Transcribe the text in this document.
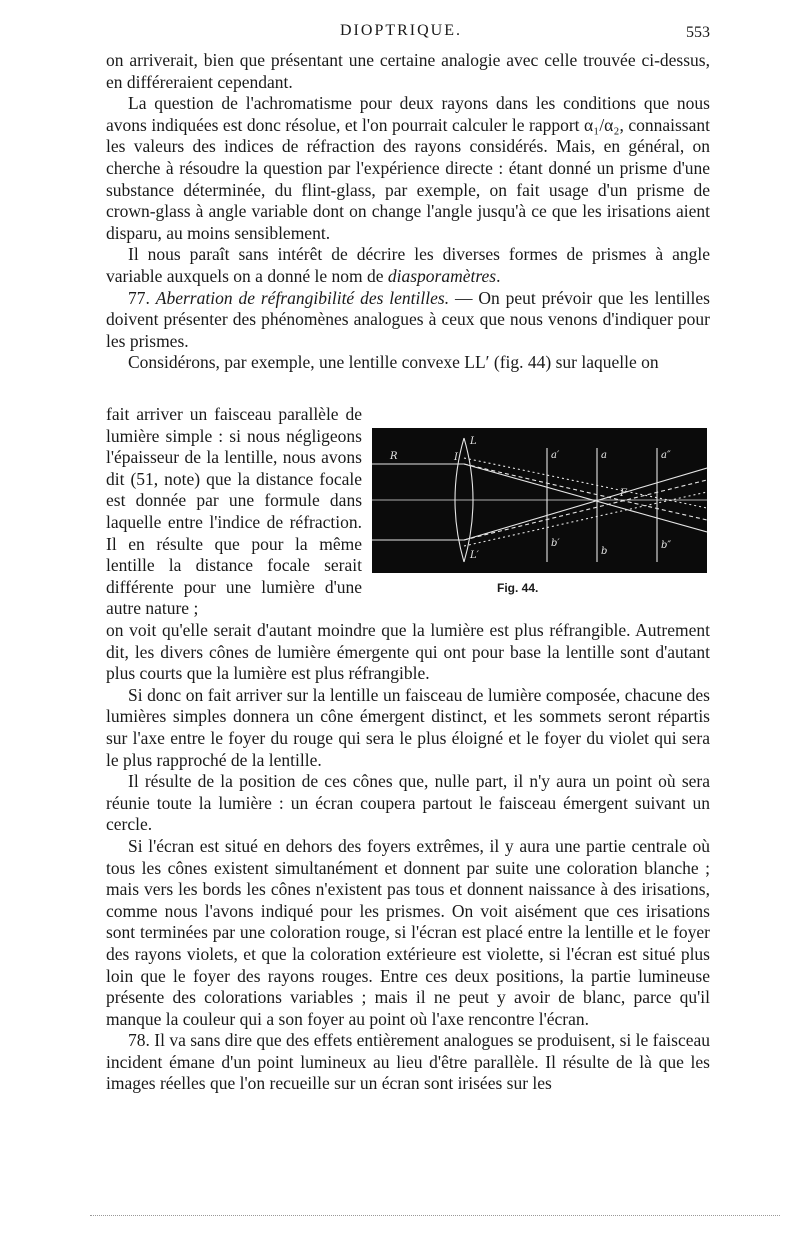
DIOPTRIQUE.	553

on arriverait, bien que présentant une certaine analogie avec celle trouvée ci-dessus, en différeraient cependant.

La question de l'achromatisme pour deux rayons dans les conditions que nous avons indiquées est donc résolue, et l'on pourrait calculer le rapport α₁/α₂, connaissant les valeurs des indices de réfraction des rayons considérés. Mais, en général, on cherche à résoudre la question par l'expérience directe : étant donné un prisme d'une substance déterminée, du flint-glass, par exemple, on fait usage d'un prisme de crown-glass à angle variable dont on change l'angle jusqu'à ce que les irisations aient disparu, au moins sensiblement.

Il nous paraît sans intérêt de décrire les diverses formes de prismes à angle variable auxquels on a donné le nom de diasporamètres.

77. Aberration de réfrangibilité des lentilles. — On peut prévoir que les lentilles doivent présenter des phénomènes analogues à ceux que nous venons d'indiquer pour les prismes.

Considérons, par exemple, une lentille convexe LL′ (fig. 44) sur laquelle on

fait arriver un faisceau parallèle de lumière simple : si nous négligeons l'épaisseur de la lentille, nous avons dit (51, note) que la distance focale est donnée par une formule dans laquelle entre l'indice de réfraction. Il en résulte que pour la même lentille la distance focale serait différente pour une lumière d'une autre nature ;

R
L
L′
I
F
a′	a	a″
b′
b
b″
Fig. 44.

on voit qu'elle serait d'autant moindre que la lumière est plus réfrangible. Autrement dit, les divers cônes de lumière émergente qui ont pour base la lentille sont d'autant plus courts que la lumière est plus réfrangible.

Si donc on fait arriver sur la lentille un faisceau de lumière composée, chacune des lumières simples donnera un cône émergent distinct, et les sommets seront répartis sur l'axe entre le foyer du rouge qui sera le plus éloigné et le foyer du violet qui sera le plus rapproché de la lentille.

Il résulte de la position de ces cônes que, nulle part, il n'y aura un point où sera réunie toute la lumière : un écran coupera partout le faisceau émergent suivant un cercle.

Si l'écran est situé en dehors des foyers extrêmes, il y aura une partie centrale où tous les cônes existent simultanément et donnent par suite une coloration blanche ; mais vers les bords les cônes n'existent pas tous et donnent naissance à des irisations, comme nous l'avons indiqué pour les prismes. On voit aisément que ces irisations sont terminées par une coloration rouge, si l'écran est placé entre la lentille et le foyer des rayons violets, et que la coloration extérieure est violette, si l'écran est situé plus loin que le foyer des rayons rouges. Entre ces deux positions, la partie lumineuse présente des colorations variables ; mais il ne peut y avoir de blanc, parce qu'il manque la couleur qui a son foyer au point où l'axe rencontre l'écran.

78. Il va sans dire que des effets entièrement analogues se produisent, si le faisceau incident émane d'un point lumineux au lieu d'être parallèle. Il résulte de là que les images réelles que l'on recueille sur un écran sont irisées sur les
